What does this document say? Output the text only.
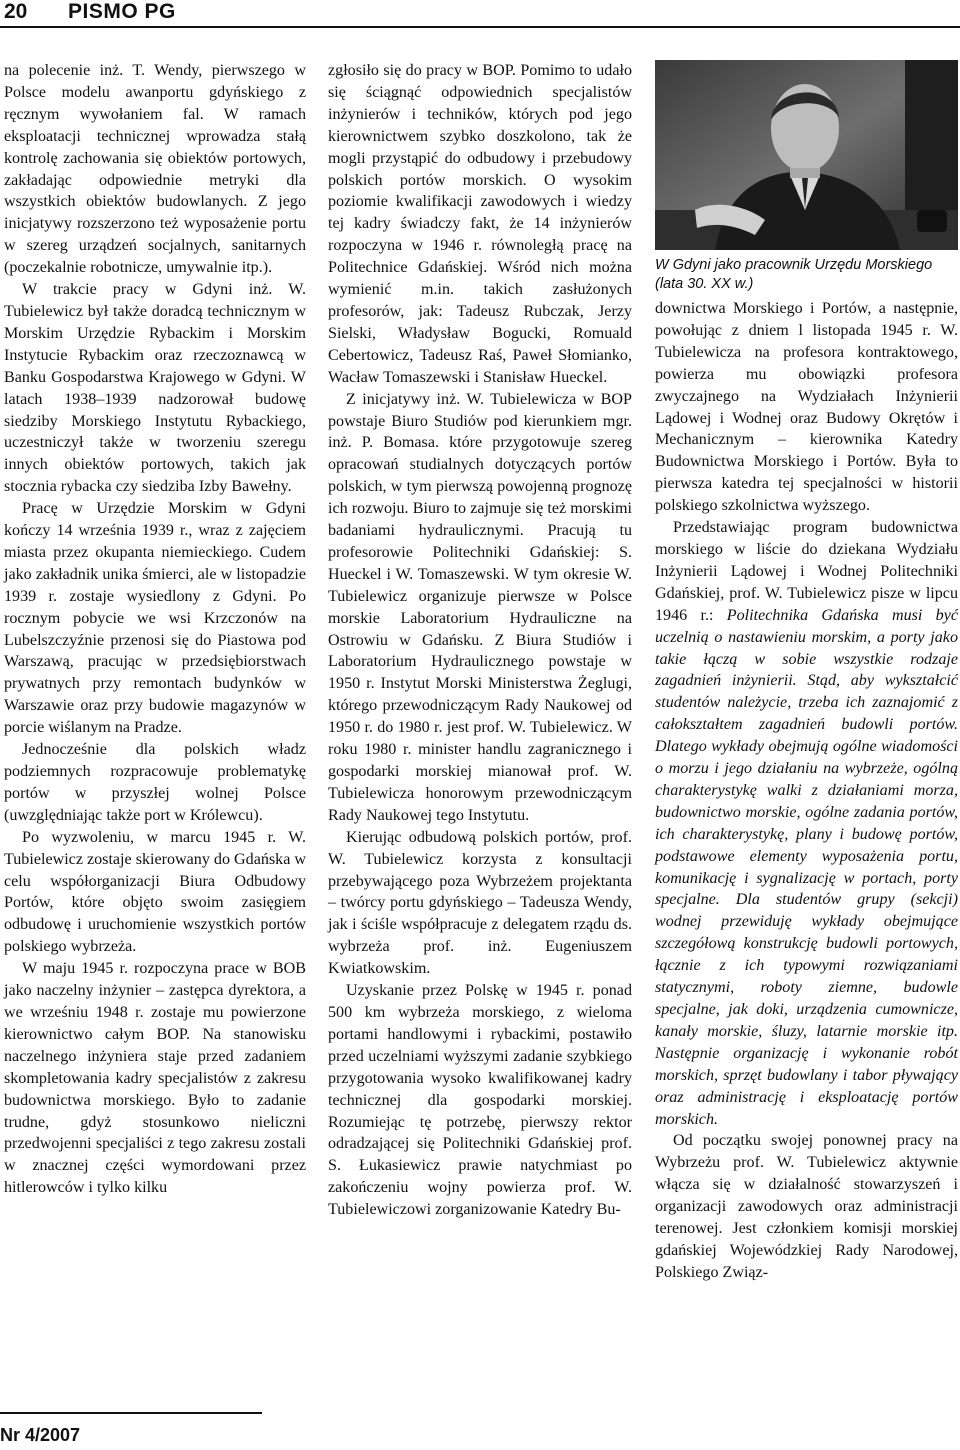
20 PISMO PG

na polecenie inż. T. Wendy, pierwszego w Polsce modelu awanportu gdyńskiego z ręcznym wywołaniem fal. W ramach eksploatacji technicznej wprowadza stałą kontrolę zachowania się obiektów portowych, zakładając odpowiednie metryki dla wszystkich obiektów budowlanych. Z jego inicjatywy rozszerzono też wyposażenie portu w szereg urządzeń socjalnych, sanitarnych (poczekalnie robotnicze, umywalnie itp.).

W trakcie pracy w Gdyni inż. W. Tubielewicz był także doradcą technicznym w Morskim Urzędzie Rybackim i Morskim Instytucie Rybackim oraz rzeczoznawcą w Banku Gospodarstwa Krajowego w Gdyni. W latach 1938–1939 nadzorował budowę siedziby Morskiego Instytutu Rybackiego, uczestniczył także w tworzeniu szeregu innych obiektów portowych, takich jak stocznia rybacka czy siedziba Izby Bawełny.

Pracę w Urzędzie Morskim w Gdyni kończy 14 września 1939 r., wraz z zajęciem miasta przez okupanta niemieckiego. Cudem jako zakładnik unika śmierci, ale w listopadzie 1939 r. zostaje wysiedlony z Gdyni. Po rocznym pobycie we wsi Krzczonów na Lubelszczyźnie przenosi się do Piastowa pod Warszawą, pracując w przedsiębiorstwach prywatnych przy remontach budynków w Warszawie oraz przy budowie magazynów w porcie wiślanym na Pradze.

Jednocześnie dla polskich władz podziemnych rozpracowuje problematykę portów w przyszłej wolnej Polsce (uwzględniając także port w Królewcu).

Po wyzwoleniu, w marcu 1945 r. W. Tubielewicz zostaje skierowany do Gdańska w celu współorganizacji Biura Odbudowy Portów, które objęto swoim zasięgiem odbudowę i uruchomienie wszystkich portów polskiego wybrzeża.

W maju 1945 r. rozpoczyna prace w BOB jako naczelny inżynier – zastępca dyrektora, a we wrześniu 1948 r. zostaje mu powierzone kierownictwo całym BOP. Na stanowisku naczelnego inżyniera staje przed zadaniem skompletowania kadry specjalistów z zakresu budownictwa morskiego. Było to zadanie trudne, gdyż stosunkowo nieliczni przedwojenni specjaliści z tego zakresu zostali w znacznej części wymordowani przez hitlerowców i tylko kilku

zgłosiło się do pracy w BOP. Pomimo to udało się ściągnąć odpowiednich specjalistów inżynierów i techników, których pod jego kierownictwem szybko doszkolono, tak że mogli przystąpić do odbudowy i przebudowy polskich portów morskich. O wysokim poziomie kwalifikacji zawodowych i wiedzy tej kadry świadczy fakt, że 14 inżynierów rozpoczyna w 1946 r. równoległą pracę na Politechnice Gdańskiej. Wśród nich można wymienić m.in. takich zasłużonych profesorów, jak: Tadeusz Rubczak, Jerzy Sielski, Władysław Bogucki, Romuald Cebertowicz, Tadeusz Raś, Paweł Słomianko, Wacław Tomaszewski i Stanisław Hueckel.

Z inicjatywy inż. W. Tubielewicza w BOP powstaje Biuro Studiów pod kierunkiem mgr. inż. P. Bomasa. które przygotowuje szereg opracowań studialnych dotyczących portów polskich, w tym pierwszą powojenną prognozę ich rozwoju. Biuro to zajmuje się też morskimi badaniami hydraulicznymi. Pracują tu profesorowie Politechniki Gdańskiej: S. Hueckel i W. Tomaszewski. W tym okresie W. Tubielewicz organizuje pierwsze w Polsce morskie Laboratorium Hydrauliczne na Ostrowiu w Gdańsku. Z Biura Studiów i Laboratorium Hydraulicznego powstaje w 1950 r. Instytut Morski Ministerstwa Żeglugi, którego przewodniczącym Rady Naukowej od 1950 r. do 1980 r. jest prof. W. Tubielewicz. W roku 1980 r. minister handlu zagranicznego i gospodarki morskiej mianował prof. W. Tubielewicza honorowym przewodniczącym Rady Naukowej tego Instytutu.

Kierując odbudową polskich portów, prof. W. Tubielewicz korzysta z konsultacji przebywającego poza Wybrzeżem projektanta – twórcy portu gdyńskiego – Tadeusza Wendy, jak i ściśle współpracuje z delegatem rządu ds. wybrzeża prof. inż. Eugeniuszem Kwiatkowskim.

Uzyskanie przez Polskę w 1945 r. ponad 500 km wybrzeża morskiego, z wieloma portami handlowymi i rybackimi, postawiło przed uczelniami wyższymi zadanie szybkiego przygotowania wysoko kwalifikowanej kadry technicznej dla gospodarki morskiej. Rozumiejąc tę potrzebę, pierwszy rektor odradzającej się Politechniki Gdańskiej prof. S. Łukasiewicz prawie natychmiast po zakończeniu wojny powierza prof. W. Tubielewiczowi zorganizowanie Katedry Bu-

W Gdyni jako pracownik Urzędu Morskiego (lata 30. XX w.)

downictwa Morskiego i Portów, a następnie, powołując z dniem l listopada 1945 r. W. Tubielewicza na profesora kontraktowego, powierza mu obowiązki profesora zwyczajnego na Wydziałach Inżynierii Lądowej i Wodnej oraz Budowy Okrętów i Mechanicznym – kierownika Katedry Budownictwa Morskiego i Portów. Była to pierwsza katedra tej specjalności w historii polskiego szkolnictwa wyższego.

Przedstawiając program budownictwa morskiego w liście do dziekana Wydziału Inżynierii Lądowej i Wodnej Politechniki Gdańskiej, prof. W. Tubielewicz pisze w lipcu 1946 r.: Politechnika Gdańska musi być uczelnią o nastawieniu morskim, a porty jako takie łączą w sobie wszystkie rodzaje zagadnień inżynierii. Stąd, aby wykształcić studentów należycie, trzeba ich zaznajomić z całokształtem zagadnień budowli portów. Dlatego wykłady obejmują ogólne wiadomości o morzu i jego działaniu na wybrzeże, ogólną charakterystykę walki z działaniami morza, budownictwo morskie, ogólne zadania portów, ich charakterystykę, plany i budowę portów, podstawowe elementy wyposażenia portu, komunikację i sygnalizację w portach, porty specjalne. Dla studentów grupy (sekcji) wodnej przewiduję wykłady obejmujące szczegółową konstrukcję budowli portowych, łącznie z ich typowymi rozwiązaniami statycznymi, roboty ziemne, budowle specjalne, jak doki, urządzenia cumownicze, kanały morskie, śluzy, latarnie morskie itp. Następnie organizację i wykonanie robót morskich, sprzęt budowlany i tabor pływający oraz administrację i eksploatację portów morskich.

Od początku swojej ponownej pracy na Wybrzeżu prof. W. Tubielewicz aktywnie włącza się w działalność stowarzyszeń i organizacji zawodowych oraz administracji terenowej. Jest członkiem komisji morskiej gdańskiej Wojewódzkiej Rady Narodowej, Polskiego Związ-

Nr 4/2007
